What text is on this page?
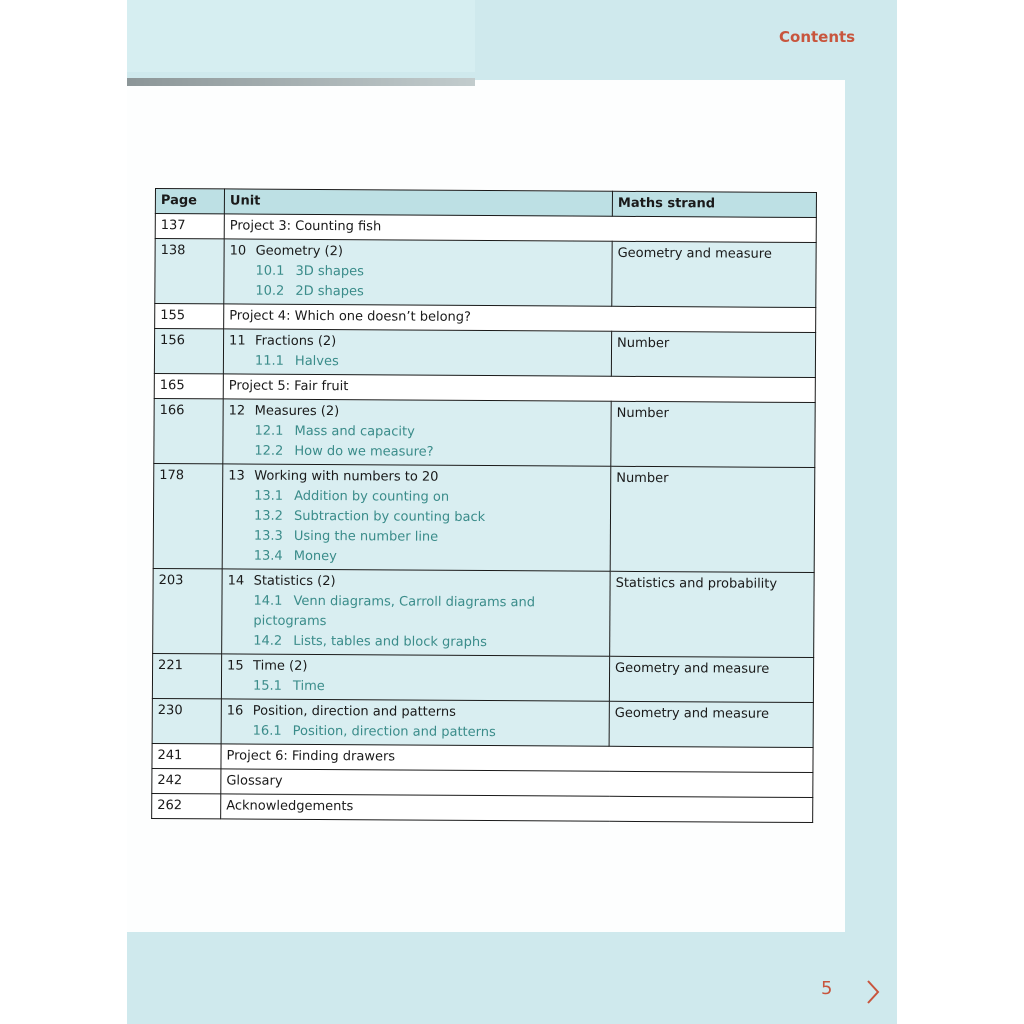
Contents
Page	Unit	Maths strand
137	Project 3: Counting fish	
138	10 Geometry (2)
10.1 3D shapes
10.2 2D shapes	Geometry and measure
155	Project 4: Which one doesn’t belong?	
156	11 Fractions (2)
11.1 Halves	Number
165	Project 5: Fair fruit	
166	12 Measures (2)
12.1 Mass and capacity
12.2 How do we measure?	Number
178	13 Working with numbers to 20
13.1 Addition by counting on
13.2 Subtraction by counting back
13.3 Using the number line
13.4 Money	Number
203	14 Statistics (2)
14.1 Venn diagrams, Carroll diagrams and pictograms
14.2 Lists, tables and block graphs	Statistics and probability
221	15 Time (2)
15.1 Time	Geometry and measure
230	16 Position, direction and patterns
16.1 Position, direction and patterns	Geometry and measure
241	Project 6: Finding drawers	
242	Glossary	
262	Acknowledgements	
5
